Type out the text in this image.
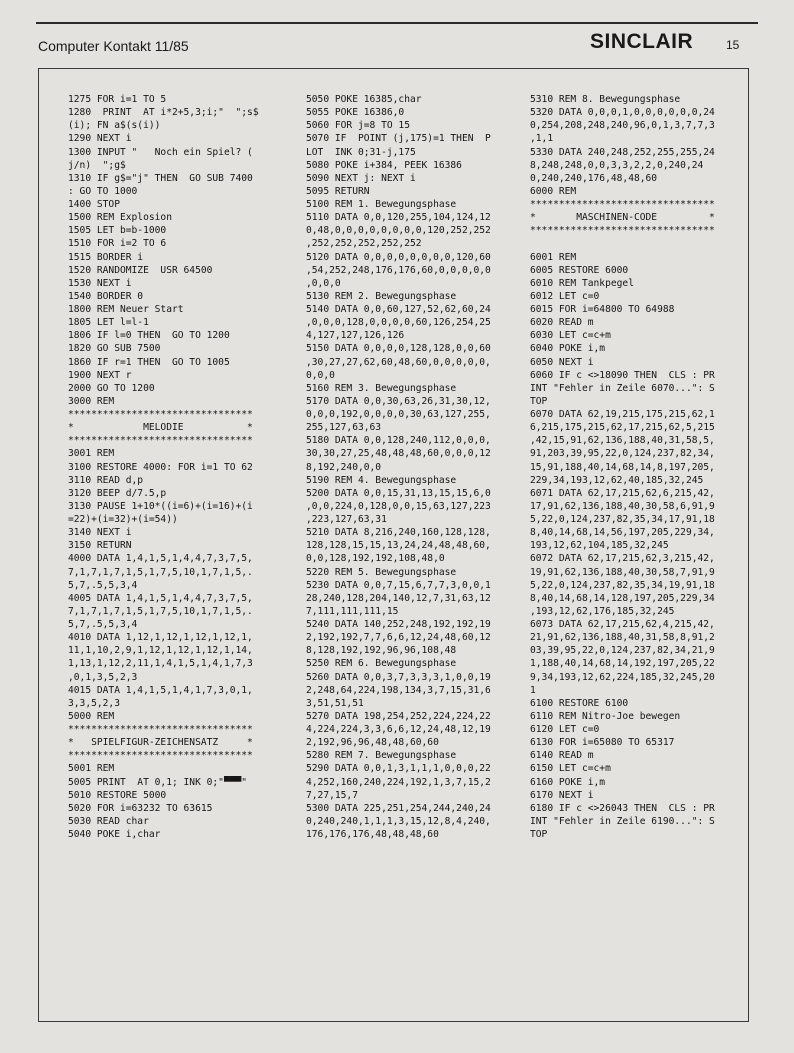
Computer Kontakt 11/85	SINCLAIR	15
1275 FOR i=1 TO 5
1280  PRINT  AT i*2+5,3;i;"  ";s$
(i); FN a$(s(i))
1290 NEXT i
1300 INPUT "   Noch ein Spiel? (
j/n)  ";g$
1310 IF g$="j" THEN  GO SUB 7400
: GO TO 1000
1400 STOP
1500 REM Explosion
1505 LET b=b-1000
1510 FOR i=2 TO 6
1515 BORDER i
1520 RANDOMIZE  USR 64500
1530 NEXT i
1540 BORDER 0
1800 REM Neuer Start
1805 LET l=l-1
1806 IF l=0 THEN  GO TO 1200
1820 GO SUB 7500
1860 IF r=1 THEN  GO TO 1005
1900 NEXT r
2000 GO TO 1200
3000 REM
********************************
*            MELODIE           *
********************************
3001 REM
3100 RESTORE 4000: FOR i=1 TO 62
3110 READ d,p
3120 BEEP d/7.5,p
3130 PAUSE 1+10*((i=6)+(i=16)+(i
=22)+(i=32)+(i=54))
3140 NEXT i
3150 RETURN
4000 DATA 1,4,1,5,1,4,4,7,3,7,5,
7,1,7,1,7,1,5,1,7,5,10,1,7,1,5,.
5,7,.5,5,3,4
4005 DATA 1,4,1,5,1,4,4,7,3,7,5,
7,1,7,1,7,1,5,1,7,5,10,1,7,1,5,.
5,7,.5,5,3,4
4010 DATA 1,12,1,12,1,12,1,12,1,
11,1,10,2,9,1,12,1,12,1,12,1,14,
1,13,1,12,2,11,1,4,1,5,1,4,1,7,3
,0,1,3,5,2,3
4015 DATA 1,4,1,5,1,4,1,7,3,0,1,
3,3,5,2,3
5000 REM
********************************
*   SPIELFIGUR-ZEICHENSATZ     *
********************************
5001 REM
5005 PRINT  AT 0,1; INK 0;"▀▀▀"
5010 RESTORE 5000
5020 FOR i=63232 TO 63615
5030 READ char
5040 POKE i,char
5050 POKE 16385,char
5055 POKE 16386,0
5060 FOR j=8 TO 15
5070 IF  POINT (j,175)=1 THEN  P
LOT  INK 0;31-j,175
5080 POKE i+384, PEEK 16386
5090 NEXT j: NEXT i
5095 RETURN
5100 REM 1. Bewegungsphase
5110 DATA 0,0,120,255,104,124,12
0,48,0,0,0,0,0,0,0,0,120,252,252
,252,252,252,252,252
5120 DATA 0,0,0,0,0,0,0,0,120,60
,54,252,248,176,176,60,0,0,0,0,0
,0,0,0
5130 REM 2. Bewegungsphase
5140 DATA 0,0,60,127,52,62,60,24
,0,0,0,128,0,0,0,0,60,126,254,25
4,127,127,126,126
5150 DATA 0,0,0,0,128,128,0,0,60
,30,27,27,62,60,48,60,0,0,0,0,0,
0,0,0
5160 REM 3. Bewegungsphase
5170 DATA 0,0,30,63,26,31,30,12,
0,0,0,192,0,0,0,0,30,63,127,255,
255,127,63,63
5180 DATA 0,0,128,240,112,0,0,0,
30,30,27,25,48,48,48,60,0,0,0,12
8,192,240,0,0
5190 REM 4. Bewegungsphase
5200 DATA 0,0,15,31,13,15,15,6,0
,0,0,224,0,128,0,0,15,63,127,223
,223,127,63,31
5210 DATA 8,216,240,160,128,128,
128,128,15,15,13,24,24,48,48,60,
0,0,128,192,192,108,48,0
5220 REM 5. Bewegungsphase
5230 DATA 0,0,7,15,6,7,7,3,0,0,1
28,240,128,204,140,12,7,31,63,12
7,111,111,111,15
5240 DATA 140,252,248,192,192,19
2,192,192,7,7,6,6,12,24,48,60,12
8,128,192,192,96,96,108,48
5250 REM 6. Bewegungsphase
5260 DATA 0,0,3,7,3,3,3,1,0,0,19
2,248,64,224,198,134,3,7,15,31,6
3,51,51,51
5270 DATA 198,254,252,224,224,22
4,224,224,3,3,6,6,12,24,48,12,19
2,192,96,96,48,48,60,60
5280 REM 7. Bewegungsphase
5290 DATA 0,0,1,3,1,1,1,0,0,0,22
4,252,160,240,224,192,1,3,7,15,2
7,27,15,7
5300 DATA 225,251,254,244,240,24
0,240,240,1,1,1,3,15,12,8,4,240,
176,176,176,48,48,48,60
5310 REM 8. Bewegungsphase
5320 DATA 0,0,0,1,0,0,0,0,0,0,24
0,254,208,248,240,96,0,1,3,7,7,3
,1,1
5330 DATA 240,248,252,255,255,24
8,248,248,0,0,3,3,2,2,0,240,24
0,240,240,176,48,48,60
6000 REM
********************************
*       MASCHINEN-CODE         *
********************************

6001 REM
6005 RESTORE 6000
6010 REM Tankpegel
6012 LET c=0
6015 FOR i=64800 TO 64988
6020 READ m
6030 LET c=c+m
6040 POKE i,m
6050 NEXT i
6060 IF c <>18090 THEN  CLS : PR
INT "Fehler in Zeile 6070...": S
TOP
6070 DATA 62,19,215,175,215,62,1
6,215,175,215,62,17,215,62,5,215
,42,15,91,62,136,188,40,31,58,5,
91,203,39,95,22,0,124,237,82,34,
15,91,188,40,14,68,14,8,197,205,
229,34,193,12,62,40,185,32,245
6071 DATA 62,17,215,62,6,215,42,
17,91,62,136,188,40,30,58,6,91,9
5,22,0,124,237,82,35,34,17,91,18
8,40,14,68,14,56,197,205,229,34,
193,12,62,104,185,32,245
6072 DATA 62,17,215,62,3,215,42,
19,91,62,136,188,40,30,58,7,91,9
5,22,0,124,237,82,35,34,19,91,18
8,40,14,68,14,128,197,205,229,34
,193,12,62,176,185,32,245
6073 DATA 62,17,215,62,4,215,42,
21,91,62,136,188,40,31,58,8,91,2
03,39,95,22,0,124,237,82,34,21,9
1,188,40,14,68,14,192,197,205,22
9,34,193,12,62,224,185,32,245,20
1
6100 RESTORE 6100
6110 REM Nitro-Joe bewegen
6120 LET c=0
6130 FOR i=65080 TO 65317
6140 READ m
6150 LET c=c+m
6160 POKE i,m
6170 NEXT i
6180 IF c <>26043 THEN  CLS : PR
INT "Fehler in Zeile 6190...": S
TOP
